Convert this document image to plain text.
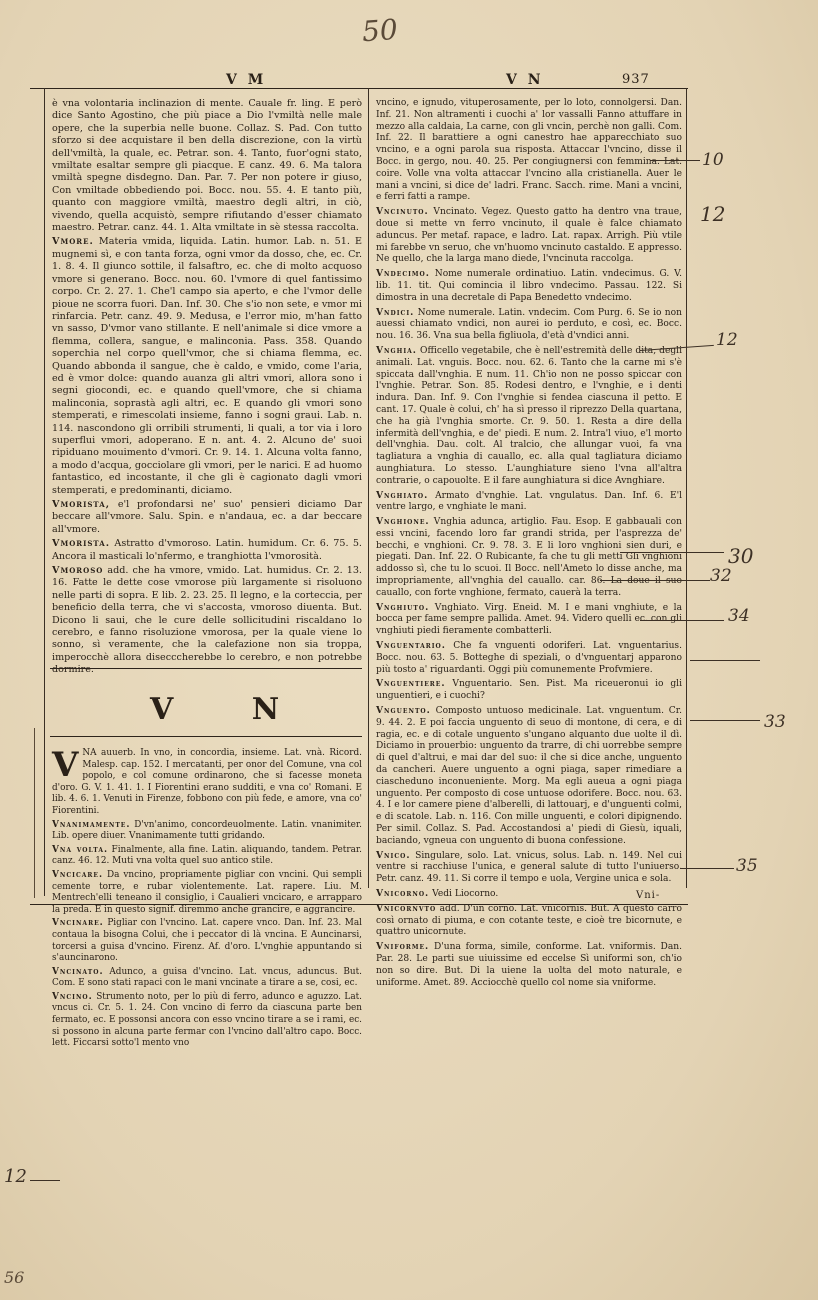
50
56
V M	V N	937

è vna volontaria inclinazion di mente. Cauale fr. ling. E però dice Santo Agostino, che più piace a Dio l'vmiltà nelle male opere, che la superbia nelle buone. Collaz. S. Pad. Con tutto sforzo si dee acquistare il ben della discrezione, con la virtù dell'vmiltà, la quale, ec. Petrar. son. 4. Tanto, fuor'ogni stato, vmiltate esaltar sempre gli piacque. E canz. 49. 6. Ma talora vmiltà spegne disdegno. Dan. Par. 7. Per non potere ir giuso, Con vmiltade obbediendo poi. Bocc. nou. 55. 4. E tanto più, quanto con maggiore vmiltà, maestro degli altri, in ciò, vivendo, quella acquistò, sempre rifiutando d'esser chiamato maestro. Petrar. canz. 44. 1. Alta vmiltate in sè stessa raccolta.

Vmore. Materia vmida, liquida. Latin. humor. Lab. n. 51. E mugnemi sì, e con tanta forza, ogni vmor da dosso, che, ec. Cr. 1. 8. 4. Il giunco sottile, il falsaftro, ec. che di molto acquoso vmore si generano. Bocc. nou. 60. l'vmore di quel fantissimo corpo. Cr. 2. 27. 1. Che'l campo sia aperto, e che l'vmor delle pioue ne scorra fuori. Dan. Inf. 30. Che s'io non sete, e vmor mi rinfarcia. Petr. canz. 49. 9. Medusa, e l'error mio, m'han fatto vn sasso, D'vmor vano stillante. E nell'animale si dice vmore a flemma, collera, sangue, e malinconia. Pass. 358. Quando soperchia nel corpo quell'vmor, che si chiama flemma, ec. Quando abbonda il sangue, che è caldo, e vmido, come l'aria, ed è vmor dolce: quando auanza gli altri vmori, allora sono i segni giocondi, ec. e quando quell'vmore, che si chiama malinconia, soprastà agli altri, ec. E quando gli vmori sono stemperati, e rimescolati insieme, fanno i sogni graui. Lab. n. 114. nascondono gli orribili strumenti, li quali, a tor via i loro superflui vmori, adoperano. E n. ant. 4. 2. Alcuno de' suoi ripiduano mouimento d'vmori. Cr. 9. 14. 1. Alcuna volta fanno, a modo d'acqua, gocciolare gli vmori, per le narici. E ad huomo fantastico, ed incostante, il che gli è cagionato dagli vmori stemperati, e predominanti, diciamo.

Vmorista, e'l profondarsi ne' suo' pensieri diciamo Dar beccare all'vmore. Salu. Spin. e n'andaua, ec. a dar beccare all'vmore.

Vmorista. Astratto d'vmoroso. Latin. humidum. Cr. 6. 75. 5. Ancora il masticali lo'nfermo, e tranghiotta l'vmorosità.

Vmoroso add. che ha vmore, vmido. Lat. humidus. Cr. 2. 13. 16. Fatte le dette cose vmorose più largamente si risoluono nelle parti di sopra. E lib. 2. 23. 25. Il legno, e la corteccia, per beneficio della terra, che vi s'accosta, vmoroso diuenta. But. Dicono li saui, che le cure delle sollicitudini riscaldano lo cerebro, e fanno risoluzione vmorosa, per la quale viene lo sonno, sì veramente, che la calefazione non sia troppa, imperocchè allora disecccherebbe lo cerebro, e non potrebbe dormire.

V N

VNA auuerb. In vno, in concordia, insieme. Lat. vnà. Ricord. Malesp. cap. 152. I mercatanti, per onor del Comune, vna col popolo, e col comune ordinarono, che si facesse moneta d'oro. G. V. 1. 41. 1. I Fiorentini erano sudditi, e vna co' Romani. E lib. 4. 6. 1. Venuti in Firenze, fobbono con più fede, e amore, vna co' Fiorentini.

Vnanimamente. D'vn'animo, concordeuolmente. Latin. vnanimiter. Lib. opere diuer. Vnanimamente tutti gridando.

Vna volta. Finalmente, alla fine. Latin. aliquando, tandem. Petrar. canz. 46. 12. Muti vna volta quel suo antico stile.

Vncicare. Da vncino, propriamente pigliar con vncini. Qui sempli cemente torre, e rubar violentemente. Lat. rapere. Liu. M. Mentrech'elli teneano il consiglio, i Caualieri vncicaro, e arrapparo la preda. E in questo signif. diremmo anche grancire, e aggrancire.

Vncinare. Pigliar con l'vncino. Lat. capere vnco. Dan. Inf. 23. Mal contaua la bisogna Colui, che i peccator di là vncina. E Auncinarsi, torcersi a guisa d'vncino. Firenz. Af. d'oro. L'vnghie appuntando si s'auncinarono.

Vncinato. Adunco, a guisa d'vncino. Lat. vncus, aduncus. But. Com. E sono stati rapaci con le mani vncinate a tirare a se, cosi, ec.

Vncino. Strumento noto, per lo più di ferro, adunco e aguzzo. Lat. vncus ci. Cr. 5. 1. 24. Con vncino di ferro da ciascuna parte ben fermato, ec. E possonsi ancora con esso vncino tirare a se i rami, ec. si possono in alcuna parte fermar con l'vncino dall'altro capo. Bocc. lett. Ficcarsi sotto'l mento vno

vncino, e ignudo, vituperosamente, per lo loto, connolgersi. Dan. Inf. 21. Non altramenti i cuochi a' lor vassalli Fanno attuffare in mezzo alla caldaia, La carne, con gli vncin, perchè non galli. Com. Inf. 22. Il barattiere a ogni canestro hae apparecchiato suo vncino, e a ogni parola sua risposta. Attaccar l'vncino, disse il Bocc. in gergo, nou. 40. 25. Per congiugnersi con femmina. Lat. coire. Volle vna volta attaccar l'vncino alla cristianella. Auer le mani a vncini, si dice de' ladri. Franc. Sacch. rime. Mani a vncini, e ferri fatti a rampe.

Vncinuto. Vncinato. Vegez. Questo gatto ha dentro vna traue, doue si mette vn ferro vncinuto, il quale è falce chiamato aduncus. Per metaf. rapace, e ladro. Lat. rapax. Arrigh. Più vtile mi farebbe vn seruo, che vn'huomo vncinuto castaldo. E appresso. Ne quello, che la larga mano diede, l'vncinuta raccolga.

Vndecimo. Nome numerale ordinatiuo. Latin. vndecimus. G. V. lib. 11. tit. Qui comincia il libro vndecimo. Passau. 122. Si dimostra in una decretale di Papa Benedetto vndecimo.

Vndici. Nome numerale. Latin. vndecim. Com Purg. 6. Se io non auessi chiamato vndici, non aurei io perduto, e così, ec. Bocc. nou. 16. 36. Vna sua bella figliuola, d'età d'vndici anni.

Vnghia. Officello vegetabile, che è nell'estremità delle dita, degli animali. Lat. vnguis. Bocc. nou. 62. 6. Tanto che la carne mi s'è spiccata dall'vnghia. E num. 11. Ch'io non ne posso spiccar con l'vnghie. Petrar. Son. 85. Rodesi dentro, e l'vnghie, e i denti indura. Dan. Inf. 9. Con l'vnghie si fendea ciascuna il petto. E cant. 17. Quale è colui, ch' ha sì presso il riprezzo Della quartana, che ha già l'vnghia smorte. Cr. 9. 50. 1. Resta a dire della infermità dell'vnghia, e de' piedi. E num. 2. Intra'l viuo, e'l morto dell'vnghia. Dau. colt. Al tralcio, che allungar vuoi, fa vna tagliatura a vnghia di cauallo, ec. alla qual tagliatura diciamo aunghiatura. Lo stesso. L'aunghiature sieno l'vna all'altra contrarie, o capouolte. E il fare aunghiatura si dice Avnghiare.

Vnghiato. Armato d'vnghie. Lat. vngulatus. Dan. Inf. 6. E'l ventre largo, e vnghiate le mani.

Vnghione. Vnghia adunca, artiglio. Fau. Esop. E gabbauali con essi vncini, facendo loro far grandi strida, per l'asprezza de' becchi, e vnghioni. Cr. 9. 78. 3. E li loro vnghioni sien duri, e piegati. Dan. Inf. 22. O Rubicante, fa che tu gli metti Gli vnghioni addosso sì, che tu lo scuoi. Il Bocc. nell'Ameto lo disse anche, ma impropriamente, all'vnghia del cauallo. car. 86. La doue il suo cauallo, con forte vnghione, fermato, cauerà la terra.

Vnghiuto. Vnghiato. Virg. Eneid. M. I e mani vnghiute, e la bocca per fame sempre pallida. Amet. 94. Videro quelli ec. con gli vnghiuti piedi fieramente combatterli.

Vnguentario. Che fa vnguenti odoriferi. Lat. vnguentarius. Bocc. nou. 63. 5. Botteghe di speziali, o d'vnguentarj apparono più tosto a' riguardanti. Oggi più comunemente Profvmiere.

Vnguentiere. Vnguentario. Sen. Pist. Ma riceueronui io gli unguentieri, e i cuochi?

Vnguento. Composto untuoso medicinale. Lat. vnguentum. Cr. 9. 44. 2. E poi faccia unguento di seuo di montone, di cera, e di ragia, ec. e di cotale unguento s'ungano alquanto due uolte il dì. Diciamo in prouerbio: unguento da trarre, di chi uorrebbe sempre di quel d'altrui, e mai dar del suo: il che si dice anche, unguento da cancheri. Auere unguento a ogni piaga, saper rimediare a ciascheduno inconueniente. Morg. Ma egli aueua a ogni piaga unguento. Per composto di cose untuose odorifere. Bocc. nou. 63. 4. I e lor camere piene d'alberelli, di lattouarj, e d'unguenti colmi, e di scatole. Lab. n. 116. Con mille unguenti, e colori dipignendo. Per simil. Collaz. S. Pad. Accostandosi a' piedi di Giesù, iquali, baciando, vgneua con unguento di buona confessione.

Vnico. Singulare, solo. Lat. vnicus, solus. Lab. n. 149. Nel cui ventre si racchiuse l'unica, e general salute di tutto l'uniuerso. Petr. canz. 49. 11. Si corre il tempo e uola, Vergine unica e sola.

Vnicorno. Vedi Liocorno.

Vnicornvto add. D'un corno. Lat. vnicornis. But. A questo carro così ornato di piuma, e con cotante teste, e cioè tre bicornute, e quattro unicornute.

Vniforme. D'una forma, simile, conforme. Lat. vniformis. Dan. Par. 28. Le parti sue uiuissime ed eccelse Sì uniformi son, ch'io non so dire. But. Di la uiene la uolta del moto naturale, e uniforme. Amet. 89. Acciocchè quello col nome sia vniforme.

Vni-
10
12
12
30
32
34
33
35
12
